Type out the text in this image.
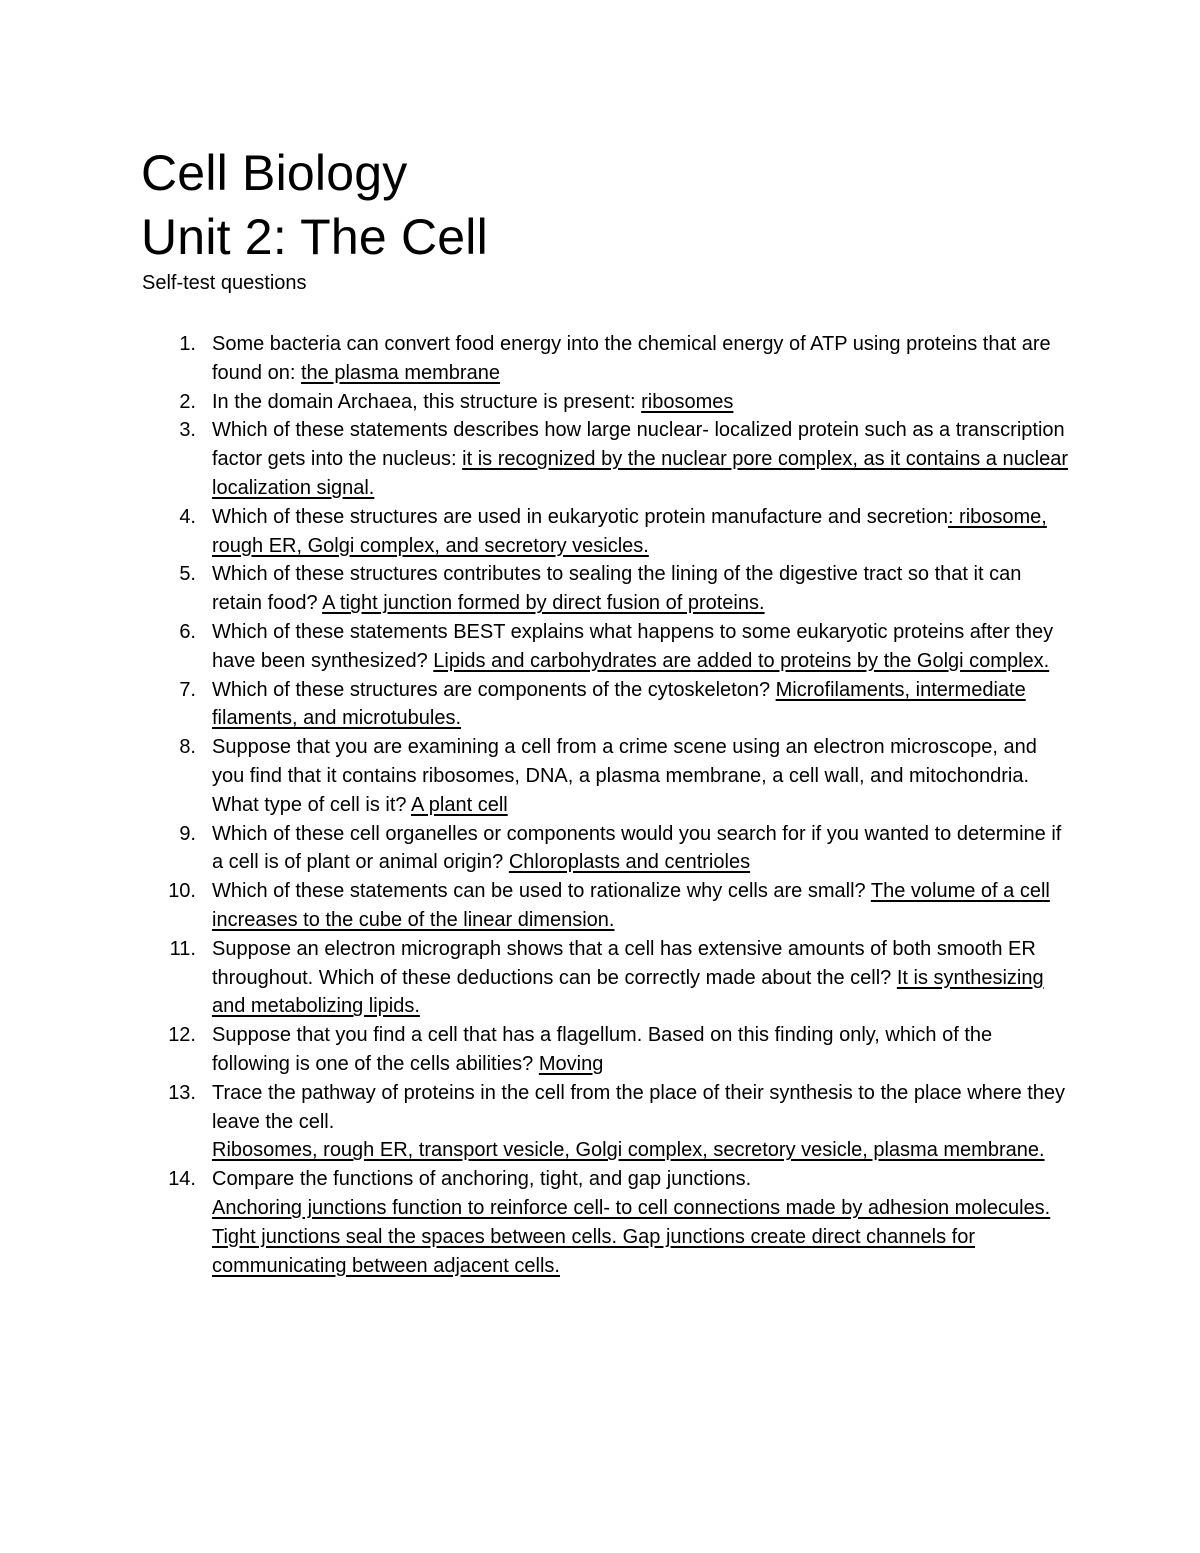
Cell Biology
Unit 2: The Cell
Self-test questions
1. Some bacteria can convert food energy into the chemical energy of ATP using proteins that are found on: the plasma membrane
2. In the domain Archaea, this structure is present: ribosomes
3. Which of these statements describes how large nuclear- localized protein such as a transcription factor gets into the nucleus: it is recognized by the nuclear pore complex, as it contains a nuclear localization signal.
4. Which of these structures are used in eukaryotic protein manufacture and secretion: ribosome, rough ER, Golgi complex, and secretory vesicles.
5. Which of these structures contributes to sealing the lining of the digestive tract so that it can retain food? A tight junction formed by direct fusion of proteins.
6. Which of these statements BEST explains what happens to some eukaryotic proteins after they have been synthesized? Lipids and carbohydrates are added to proteins by the Golgi complex.
7. Which of these structures are components of the cytoskeleton? Microfilaments, intermediate filaments, and microtubules.
8. Suppose that you are examining a cell from a crime scene using an electron microscope, and you find that it contains ribosomes, DNA, a plasma membrane, a cell wall, and mitochondria. What type of cell is it? A plant cell
9. Which of these cell organelles or components would you search for if you wanted to determine if a cell is of plant or animal origin? Chloroplasts and centrioles
10. Which of these statements can be used to rationalize why cells are small? The volume of a cell increases to the cube of the linear dimension.
11. Suppose an electron micrograph shows that a cell has extensive amounts of both smooth ER throughout. Which of these deductions can be correctly made about the cell? It is synthesizing and metabolizing lipids.
12. Suppose that you find a cell that has a flagellum. Based on this finding only, which of the following is one of the cells abilities? Moving
13. Trace the pathway of proteins in the cell from the place of their synthesis to the place where they leave the cell.
Ribosomes, rough ER, transport vesicle, Golgi complex, secretory vesicle, plasma membrane.
14. Compare the functions of anchoring, tight, and gap junctions.
Anchoring junctions function to reinforce cell- to cell connections made by adhesion molecules. Tight junctions seal the spaces between cells. Gap junctions create direct channels for communicating between adjacent cells.
